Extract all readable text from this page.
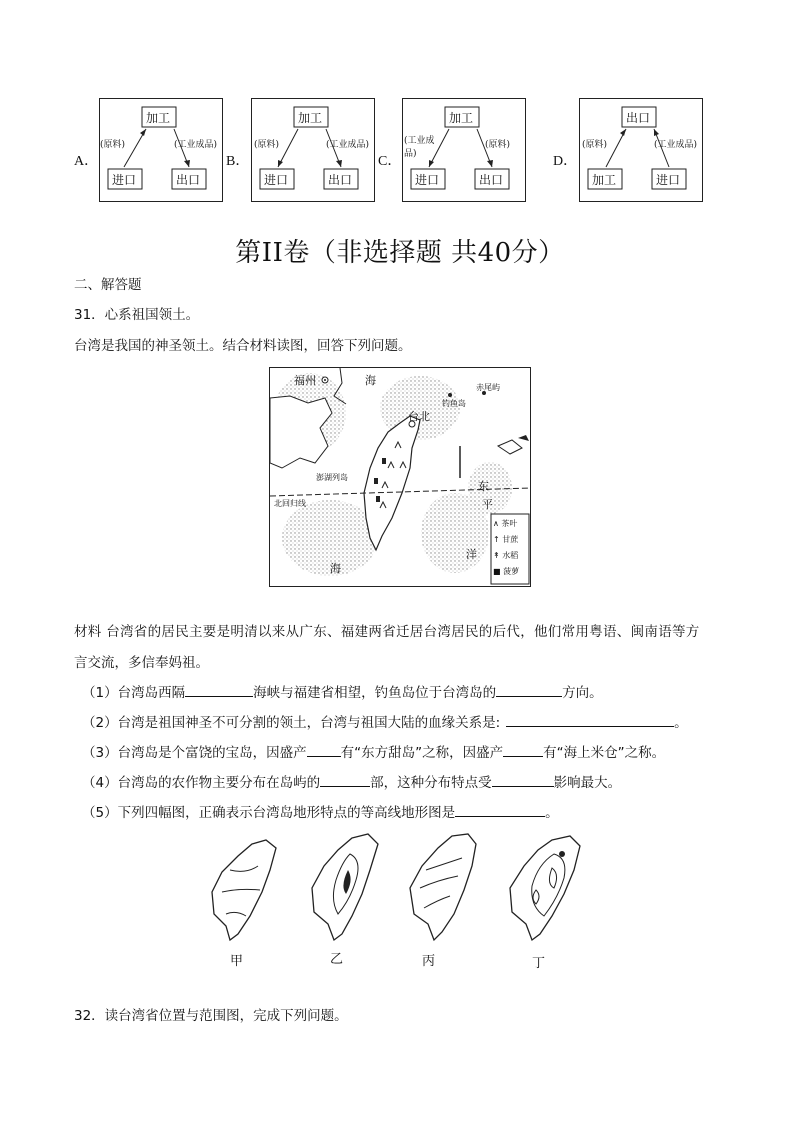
A．
加工
(原料)	(工业成品)
进口	出口
B．
加工
(原料)	(工业成品)
进口	出口
C．
加工
(工业成品)
(原料)
进口	出口
D．
出口
(原料)	(工业成品)
加工	进口
第II卷（非选择题 共40分）
二、解答题
31．心系祖国领土。
台湾是我国的神圣领土。结合材料读图，回答下列问题。
福州
台北
钓鱼岛
赤尾屿
澎湖列岛
北回归线
东
平
洋
海
海
∧ 茶叶
↑ 甘蔗
↟ 水稻
■ 菠萝
材料 台湾省的居民主要是明清以来从广东、福建两省迁居台湾居民的后代，他们常用粤语、闽南语等方
言交流，多信奉妈祖。
（1）台湾岛西隔	海峡与福建省相望，钓鱼岛位于台湾岛的	方向。
（2）台湾是祖国神圣不可分割的领土，台湾与祖国大陆的血缘关系是:	。
（3）台湾岛是个富饶的宝岛，因盛产	有“东方甜岛”之称，因盛产	有“海上米仓”之称。
（4）台湾岛的农作物主要分布在岛屿的	部，这种分布特点受	影响最大。
（5）下列四幅图，正确表示台湾岛地形特点的等高线地形图是	。
甲	乙	丙	丁
32．读台湾省位置与范围图，完成下列问题。
